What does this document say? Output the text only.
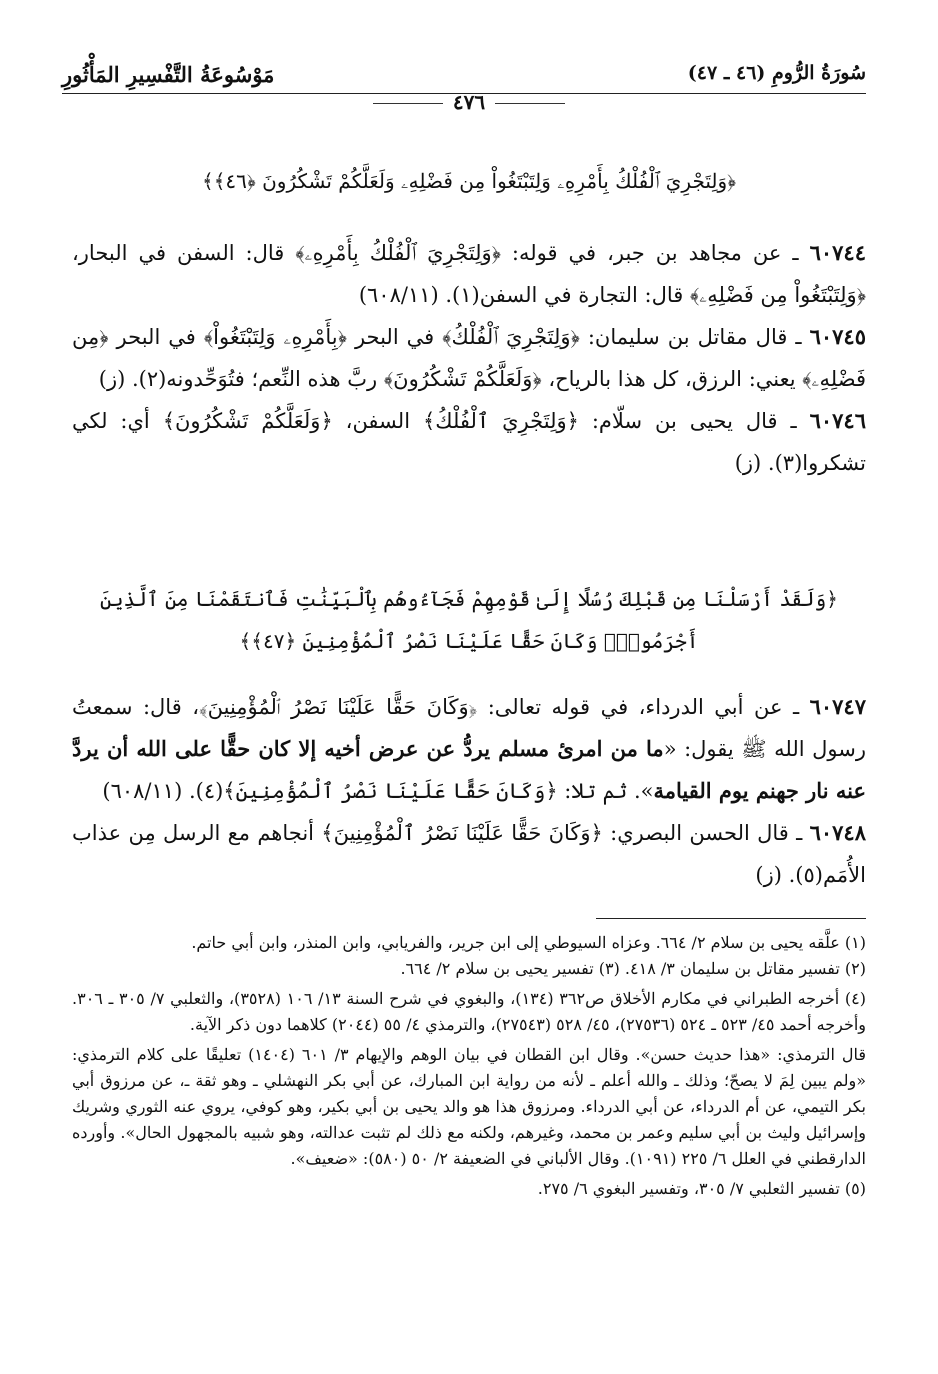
سُورَةُ الرُّومِ (٤٦ ـ ٤٧)
مَوْسُوعَةُ التَّفْسِيرِ المَأْثُورِ
٤٧٦
﴿وَلِتَجْرِيَ ٱلْفُلْكُ بِأَمْرِهِۦ وَلِتَبْتَغُواْ مِن فَضْلِهِۦ وَلَعَلَّكُمْ تَشْكُرُونَ ﴿٤٦﴾﴾
٦٠٧٤٤ ـ عن مجاهد بن جبر، في قوله: ﴿وَلِتَجْرِيَ ٱلْفُلْكُ بِأَمْرِهِۦ﴾ قال: السفن في البحار، ﴿وَلِتَبْتَغُواْ مِن فَضْلِهِۦ﴾ قال: التجارة في السفن(١). (٦٠٨/١١)
٦٠٧٤٥ ـ قال مقاتل بن سليمان: ﴿وَلِتَجْرِيَ ٱلْفُلْكُ﴾ في البحر ﴿بِأَمْرِهِۦ وَلِتَبْتَغُواْ﴾ في البحر ﴿مِن فَضْلِهِۦ﴾ يعني: الرزق، كل هذا بالرياح، ﴿وَلَعَلَّكُمْ تَشْكُرُونَ﴾ ربَّ هذه النِّعم؛ فتُوَحِّدونه(٢). (ز)
٦٠٧٤٦ ـ قال يحيى بن سلّام: ﴿وَلِتَجْرِيَ ٱلْفُلْكُ﴾ السفن، ﴿وَلَعَلَّكُمْ تَشْكُرُونَ﴾ أي: لكي تشكروا(٣). (ز)
﴿وَلَقَدْ أَرْسَلْنَا مِن قَبْلِكَ رُسُلًا إِلَىٰ قَوْمِهِمْ فَجَآءُوهُم بِٱلْبَيِّنَٰتِ فَٱنتَقَمْنَا مِنَ ٱلَّذِينَ أَجْرَمُواْۖ وَكَانَ حَقًّا عَلَيْنَا نَصْرُ ٱلْمُؤْمِنِينَ ﴿٤٧﴾﴾
٦٠٧٤٧ ـ عن أبي الدرداء، في قوله تعالى: ﴿وَكَانَ حَقًّا عَلَيْنَا نَصْرُ ٱلْمُؤْمِنِينَ﴾، قال: سمعتُ رسول الله ﷺ يقول: «ما من امرئ مسلم يردُّ عن عرض أخيه إلا كان حقًّا على الله أن يردَّ عنه نار جهنم يوم القيامة». ثم تلا: ﴿وَكَانَ حَقًّا عَلَيْنَا نَصْرُ ٱلْمُؤْمِنِينَ﴾(٤). (٦٠٨/١١)
٦٠٧٤٨ ـ قال الحسن البصري: ﴿وَكَانَ حَقًّا عَلَيْنَا نَصْرُ ٱلْمُؤْمِنِينَ﴾ أنجاهم مع الرسل مِن عذاب الأُمَم(٥). (ز)
(١) علَّقه يحيى بن سلام ٢/ ٦٦٤. وعزاه السيوطي إلى ابن جرير، والفريابي، وابن المنذر، وابن أبي حاتم.
(٢) تفسير مقاتل بن سليمان ٣/ ٤١٨. (٣) تفسير يحيى بن سلام ٢/ ٦٦٤.
(٤) أخرجه الطبراني في مكارم الأخلاق ص٣٦٢ (١٣٤)، والبغوي في شرح السنة ١٣/ ١٠٦ (٣٥٢٨)، والثعلبي ٧/ ٣٠٥ ـ ٣٠٦. وأخرجه أحمد ٤٥/ ٥٢٣ ـ ٥٢٤ (٢٧٥٣٦)، ٤٥/ ٥٢٨ (٢٧٥٤٣)، والترمذي ٤/ ٥٥ (٢٠٤٤) كلاهما دون ذكر الآية.
قال الترمذي: «هذا حديث حسن». وقال ابن القطان في بيان الوهم والإيهام ٣/ ٦٠١ (١٤٠٤) تعليقًا على كلام الترمذي: «ولم يبين لِمَ لا يصحّ؛ وذلك ـ والله أعلم ـ لأنه من رواية ابن المبارك، عن أبي بكر النهشلي ـ وهو ثقة ـ، عن مرزوق أبي بكر التيمي، عن أم الدرداء، عن أبي الدرداء. ومرزوق هذا هو والد يحيى بن أبي بكير، وهو كوفي، يروي عنه الثوري وشريك وإسرائيل وليث بن أبي سليم وعمر بن محمد، وغيرهم، ولكنه مع ذلك لم تثبت عدالته، وهو شبيه بالمجهول الحال». وأورده الدارقطني في العلل ٦/ ٢٢٥ (١٠٩١). وقال الألباني في الضعيفة ٢/ ٥٠ (٥٨٠): «ضعيف».
(٥) تفسير الثعلبي ٧/ ٣٠٥، وتفسير البغوي ٦/ ٢٧٥.
